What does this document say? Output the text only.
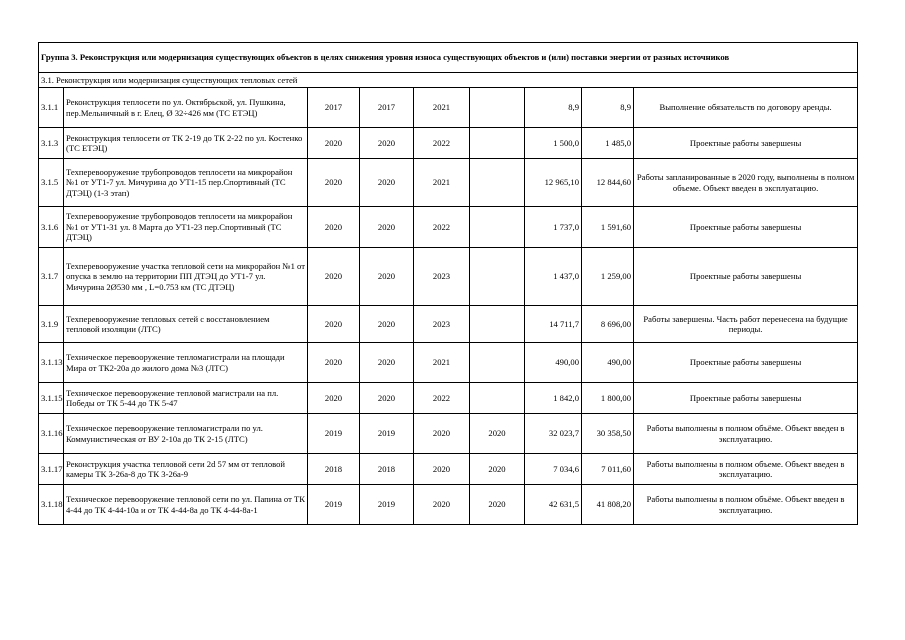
Группа 3. Реконструкция или модернизация существующих объектов в целях снижения уровня износа существующих объектов и (или) поставки энергии от разных источников								
3.1. Реконструкция или модернизация существующих тепловых сетей								
3.1.1	Реконструкция теплосети по ул. Октябрьской, ул. Пушкина, пер.Мельничный в г. Елец, Ø 32÷426 мм (ТС ЕТЭЦ)	2017	2017	2021		8,9	8,9	Выполнение обязательств по договору аренды.
3.1.3	Реконструкция теплосети от ТК 2-19 до ТК 2-22 по ул. Костенко (ТС ЕТЭЦ)	2020	2020	2022		1 500,0	1 485,0	Проектные работы завершены
3.1.5	Техперевооружение трубопроводов теплосети на микрорайон №1 от УТ1-7 ул. Мичурина до УТ1-15 пер.Спортивный (ТС ДТЭЦ) (1-3 этап)	2020	2020	2021		12 965,10	12 844,60	Работы запланированные в 2020 году, выполнены в полном объеме. Объект введен в эксплуатацию.
3.1.6	Техперевооружение трубопроводов теплосети на микрорайон №1 от УТ1-31 ул. 8 Марта до УТ1-23 пер.Спортивный (ТС ДТЭЦ)	2020	2020	2022		1 737,0	1 591,60	Проектные работы завершены
3.1.7	Техперевооружение участка тепловой сети на микрорайон №1 от опуска в землю на территории ПП ДТЭЦ до УТ1-7 ул. Мичурина 2Ø530 мм , L=0.753 км (ТС ДТЭЦ)	2020	2020	2023		1 437,0	1 259,00	Проектные работы завершены
3.1.9	Техперевооружение тепловых сетей с восстановлением тепловой изоляции (ЛТС)	2020	2020	2023		14 711,7	8 696,00	Работы завершены. Часть работ перенесена на будущие периоды.
3.1.13	Техническое перевооружение тепломагистрали на площади Мира от ТК2-20а до жилого дома №3 (ЛТС)	2020	2020	2021		490,00	490,00	Проектные работы завершены
3.1.15	Техническое перевооружение тепловой магистрали на пл. Победы от ТК 5-44 до ТК 5-47	2020	2020	2022		1 842,0	1 800,00	Проектные работы завершены
3.1.16	Техническое перевооружение тепломагистрали по ул. Коммунистическая от ВУ 2-10а до ТК 2-15 (ЛТС)	2019	2019	2020	2020	32 023,7	30 358,50	Работы выполнены в полном объёме. Объект введен в эксплуатацию.
3.1.17	Реконструкция участка тепловой сети 2d 57 мм от тепловой камеры ТК 3-26а-8 до ТК 3-26а-9	2018	2018	2020	2020	7 034,6	7 011,60	Работы выполнены в полном объеме. Объект введен в эксплуатацию.
3.1.18	Техническое перевооружение тепловой сети по ул. Папина от ТК 4-44 до ТК 4-44-10а и от ТК 4-44-8а до ТК 4-44-8а-1	2019	2019	2020	2020	42 631,5	41 808,20	Работы выполнены в полном объёме. Объект введен в эксплуатацию.
